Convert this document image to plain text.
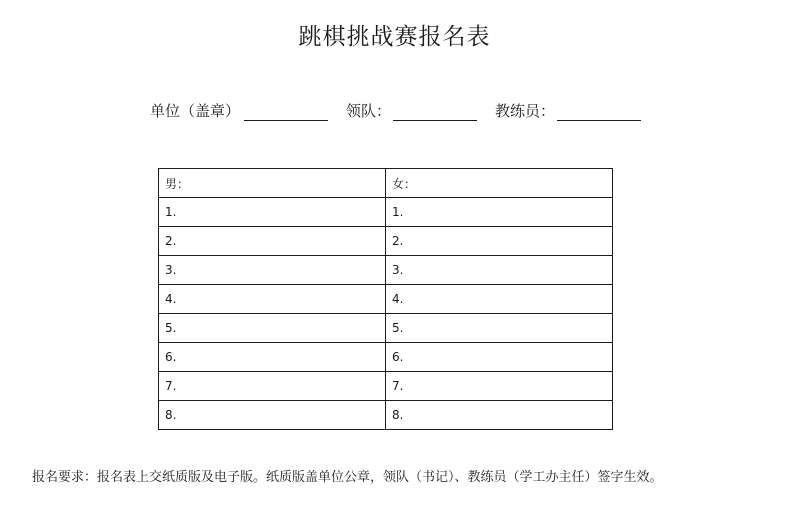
跳棋挑战赛报名表
单位（盖章）	领队：	教练员：
男：	女：
1.	1.
2.	2.
3.	3.
4.	4.
5.	5.
6.	6.
7.	7.
8.	8.
报名要求：报名表上交纸质版及电子版。纸质版盖单位公章，领队（书记）、教练员（学工办主任）签字生效。
